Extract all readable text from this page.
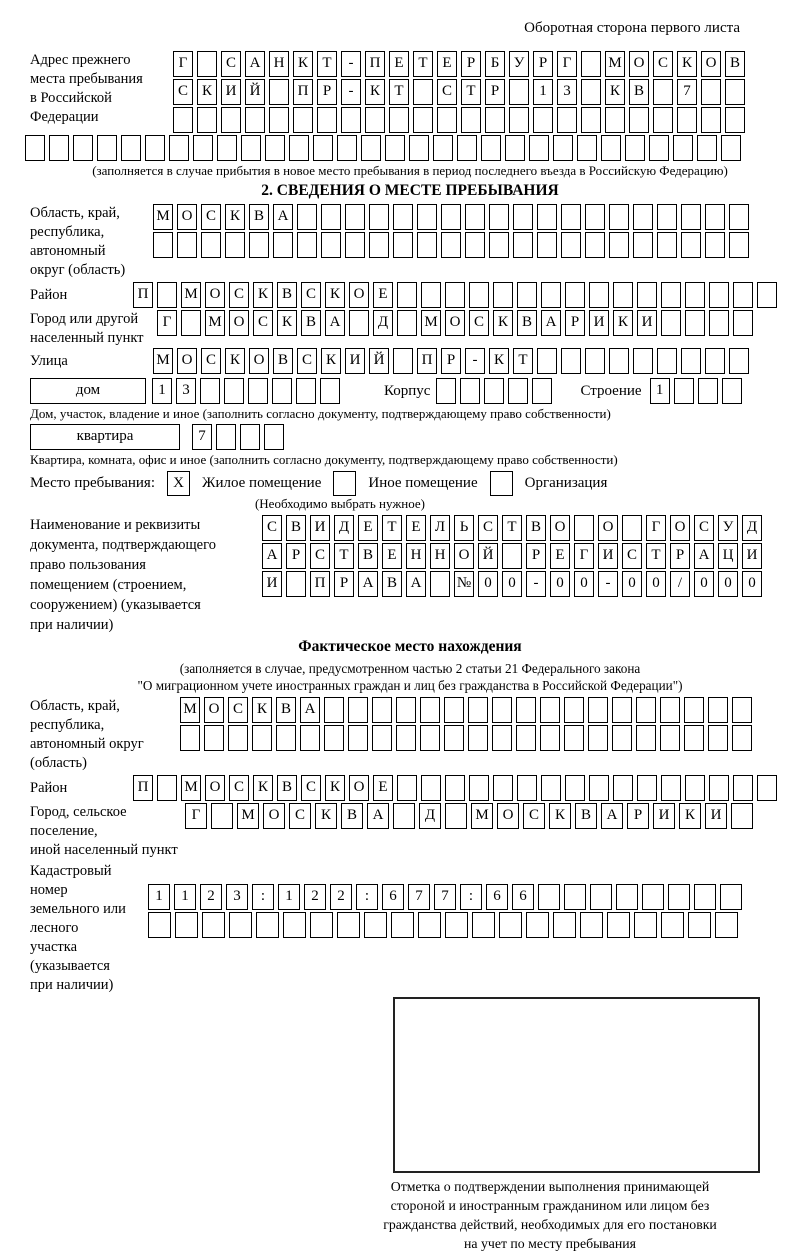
Оборотная сторона первого листа
Адрес прежнего
места пребывания
в Российской
Федерации
Г	С А Н К Т	-	П Е Т Е	Р	Б У Р	Г	М О С К О В
С К И Й	П Р	-	К Т	С Т	Р	1	3	К В	7
(заполняется в случае прибытия в новое место пребывания в период последнего въезда в Российскую Федерацию)
2. СВЕДЕНИЯ О МЕСТЕ ПРЕБЫВАНИЯ
Область, край,
республика,
автономный
округ (область)
М О С К В А
Район	П	М О С К В С К О Е
Город или другой
населенный пункт
Г	М О С К В А	Д	М О С К В А Р И К И
Улица	М О С К О В С К И Й	П Р	-	К Т
дом	1	3	Корпус	Строение 1
Дом, участок, владение и иное (заполнить согласно документу, подтверждающему право собственности)
квартира	7
Квартира, комната, офис и иное (заполнить согласно документу, подтверждающему право собственности)
Место пребывания:	X	Жилое помещение	Иное помещение	Организация
(Необходимо выбрать нужное)
Наименование и реквизиты
документа, подтверждающего
право пользования
помещением (строением,
сооружением) (указывается
при наличии)
С В И Д Е Т Е Л Ь С Т В О	О	Г О С У Д
А Р С Т В Е Н Н О Й	Р	Е	Г И С Т	Р А Ц И
И	П Р А В А	№ 0	0	-	0	0	-	0	0	/	0	0	0
Фактическое место нахождения
(заполняется в случае, предусмотренном частью 2 статьи 21 Федерального закона
"О миграционном учете иностранных граждан и лиц без гражданства в Российской Федерации")
Область, край,
республика,
автономный округ
(область)
М О С К В А
Район	П	М О С К В С К О Е
Город, сельское поселение,
иной населенный пункт
Г	М О	С	К	В	А	Д	М О	С	К	В	А	Р	И	К	И
Кадастровый номер
земельного или лесного
участка (указывается
при наличии)
1	1	2	3	:	1	2	2	:	6	7	7	:	6	6
Отметка о подтверждении выполнения принимающей
стороной и иностранным гражданином или лицом без
гражданства действий, необходимых для его постановки
на учет по месту пребывания
